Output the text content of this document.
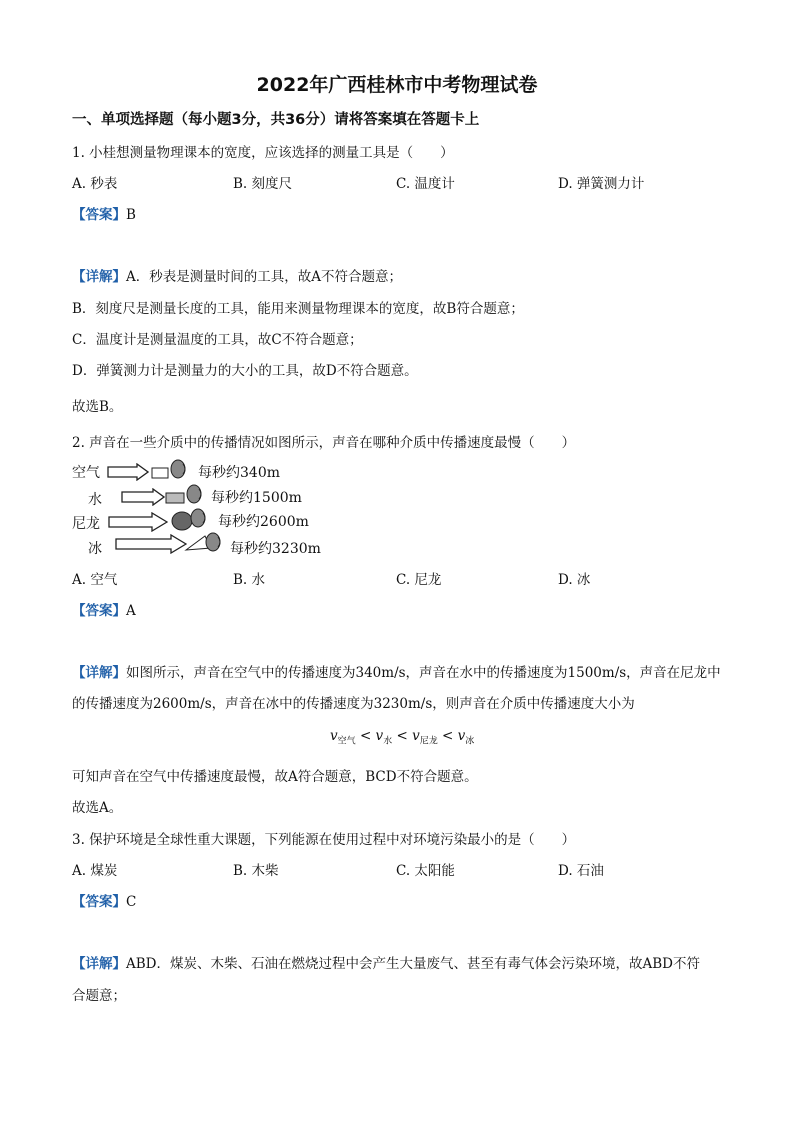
2022年广西桂林市中考物理试卷
一、单项选择题（每小题3分，共36分）请将答案填在答题卡上
1. 小桂想测量物理课本的宽度，应该选择的测量工具是（　　）
A. 秒表	B. 刻度尺	C. 温度计	D. 弹簧测力计
【答案】B
【详解】A．秒表是测量时间的工具，故A不符合题意；
B．刻度尺是测量长度的工具，能用来测量物理课本的宽度，故B符合题意；
C．温度计是测量温度的工具，故C不符合题意；
D．弹簧测力计是测量力的大小的工具，故D不符合题意。
故选B。
2. 声音在一些介质中的传播情况如图所示，声音在哪种介质中传播速度最慢（　　）
空气	每秒约340m
水	每秒约1500m
尼龙	每秒约2600m
冰	每秒约3230m
A. 空气	B. 水	C. 尼龙	D. 冰
【答案】A
【详解】如图所示，声音在空气中的传播速度为340m/s，声音在水中的传播速度为1500m/s，声音在尼龙中
的传播速度为2600m/s，声音在冰中的传播速度为3230m/s，则声音在介质中传播速度大小为
$v_{空气} < v_水 < v_{尼龙} < v_冰$
可知声音在空气中传播速度最慢，故A符合题意，BCD不符合题意。
故选A。
3. 保护环境是全球性重大课题，下列能源在使用过程中对环境污染最小的是（　　）
A. 煤炭	B. 木柴	C. 太阳能	D. 石油
【答案】C
【详解】ABD．煤炭、木柴、石油在燃烧过程中会产生大量废气、甚至有毒气体会污染环境，故ABD不符
合题意；
